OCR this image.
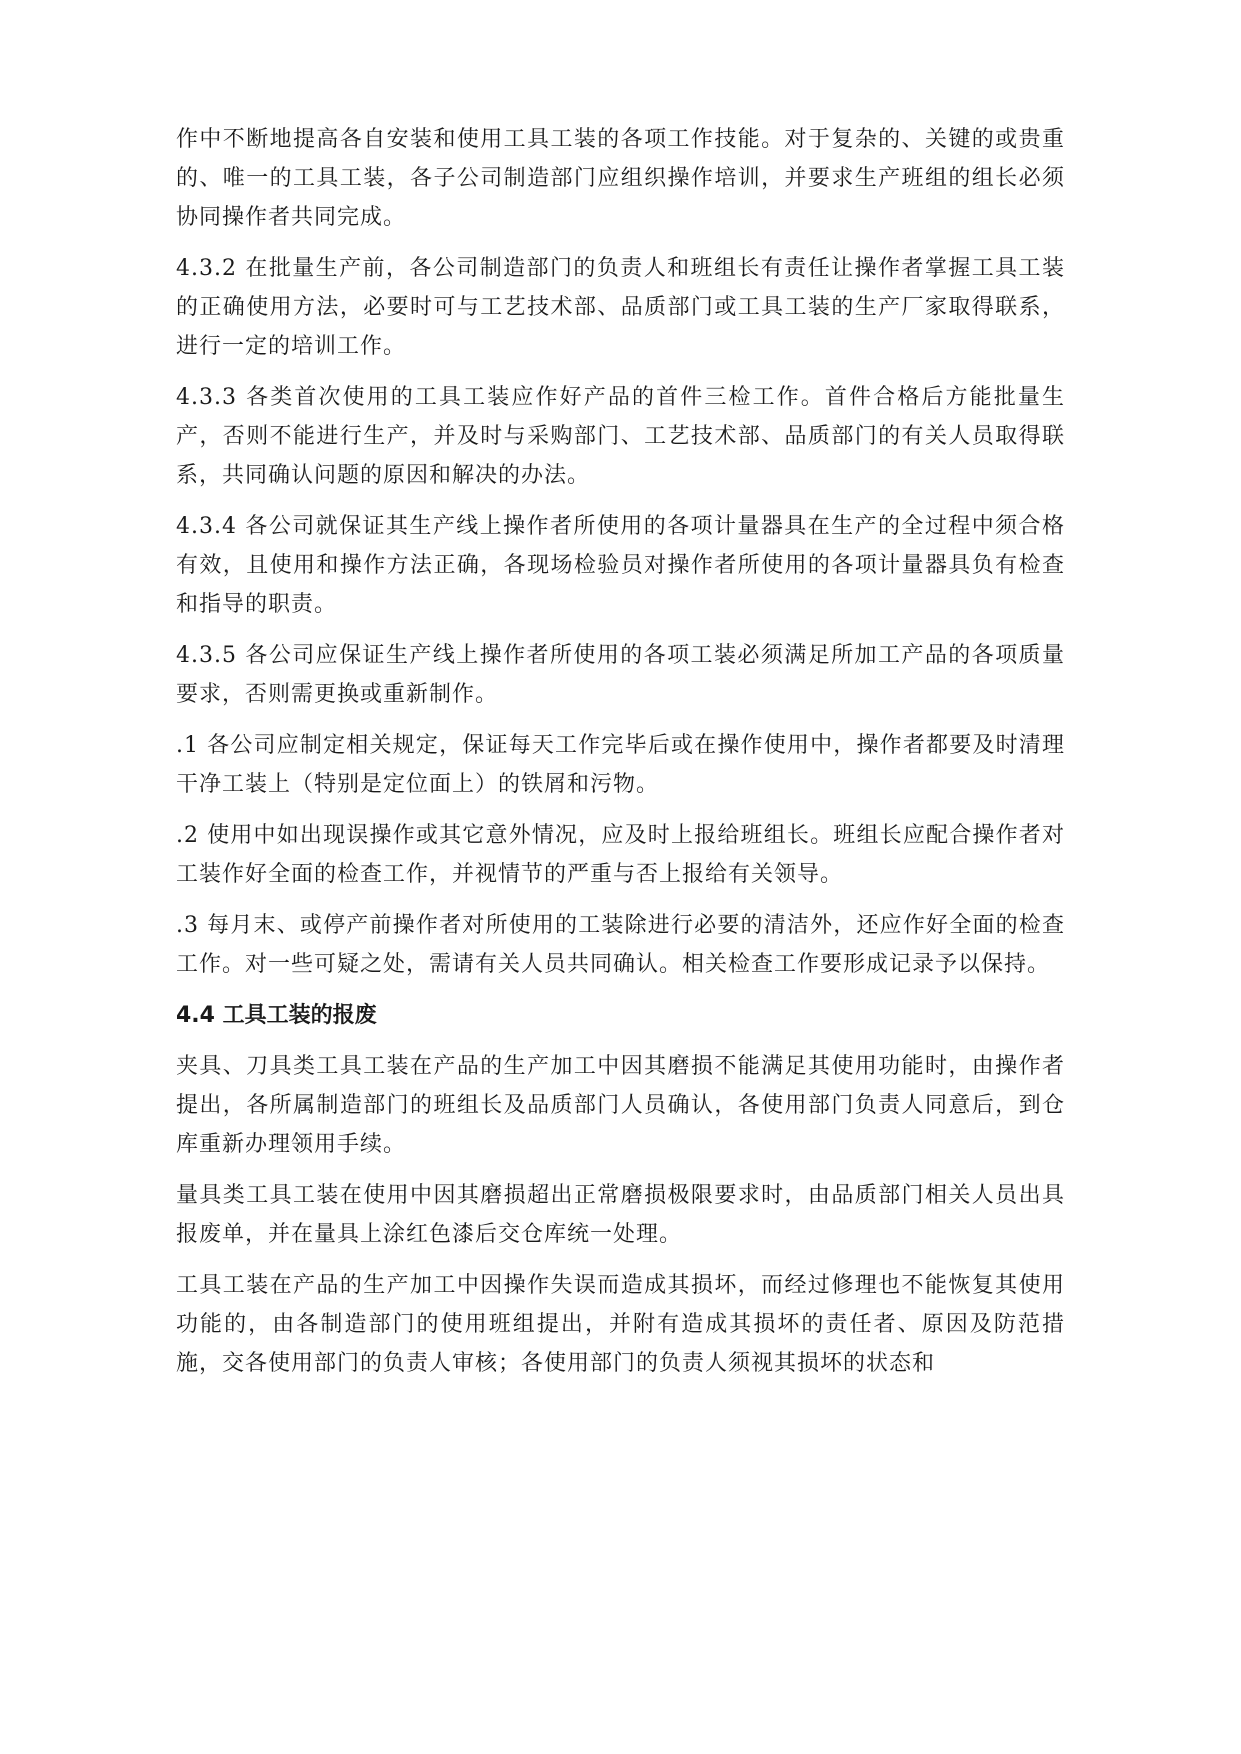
作中不断地提高各自安装和使用工具工装的各项工作技能。对于复杂的、关键的或贵重的、唯一的工具工装，各子公司制造部门应组织操作培训，并要求生产班组的组长必须协同操作者共同完成。

4.3.2 在批量生产前，各公司制造部门的负责人和班组长有责任让操作者掌握工具工装的正确使用方法，必要时可与工艺技术部、品质部门或工具工装的生产厂家取得联系，进行一定的培训工作。

4.3.3 各类首次使用的工具工装应作好产品的首件三检工作。首件合格后方能批量生产，否则不能进行生产，并及时与采购部门、工艺技术部、品质部门的有关人员取得联系，共同确认问题的原因和解决的办法。

4.3.4 各公司就保证其生产线上操作者所使用的各项计量器具在生产的全过程中须合格有效，且使用和操作方法正确，各现场检验员对操作者所使用的各项计量器具负有检查和指导的职责。

4.3.5 各公司应保证生产线上操作者所使用的各项工装必须满足所加工产品的各项质量要求，否则需更换或重新制作。

.1 各公司应制定相关规定，保证每天工作完毕后或在操作使用中，操作者都要及时清理干净工装上（特别是定位面上）的铁屑和污物。

.2 使用中如出现误操作或其它意外情况，应及时上报给班组长。班组长应配合操作者对工装作好全面的检查工作，并视情节的严重与否上报给有关领导。

.3 每月末、或停产前操作者对所使用的工装除进行必要的清洁外，还应作好全面的检查工作。对一些可疑之处，需请有关人员共同确认。相关检查工作要形成记录予以保持。

4.4 工具工装的报废

夹具、刀具类工具工装在产品的生产加工中因其磨损不能满足其使用功能时，由操作者提出，各所属制造部门的班组长及品质部门人员确认，各使用部门负责人同意后，到仓库重新办理领用手续。

量具类工具工装在使用中因其磨损超出正常磨损极限要求时，由品质部门相关人员出具报废单，并在量具上涂红色漆后交仓库统一处理。

工具工装在产品的生产加工中因操作失误而造成其损坏，而经过修理也不能恢复其使用功能的，由各制造部门的使用班组提出，并附有造成其损坏的责任者、原因及防范措施，交各使用部门的负责人审核；各使用部门的负责人须视其损坏的状态和
